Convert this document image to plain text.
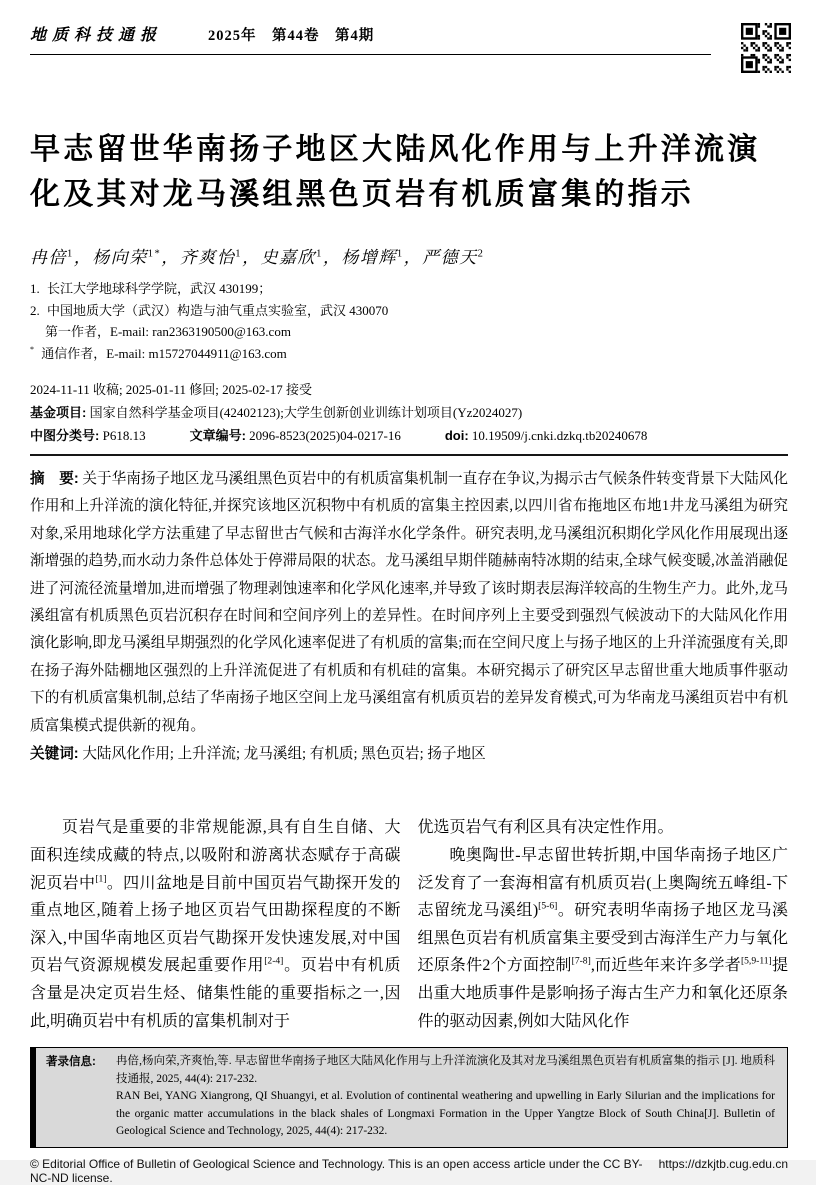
地质科技通报	2025年　第44卷　第4期
早志留世华南扬子地区大陆风化作用与上升洋流演化及其对龙马溪组黑色页岩有机质富集的指示
冉倍$^1$，杨向荣$^{1*}$，齐爽怡$^1$，史嘉欣$^1$，杨增辉$^1$，严德天$^2$
1. 长江大学地球科学学院，武汉 430199；
2. 中国地质大学（武汉）构造与油气重点实验室，武汉 430070
第一作者，E-mail: ran2363190500@163.com
* 通信作者，E-mail: m15727044911@163.com
2024-11-11 收稿; 2025-01-11 修回; 2025-02-17 接受
基金项目: 国家自然科学基金项目(42402123);大学生创新创业训练计划项目(Yz2024027)
中图分类号: P618.13	文章编号: 2096-8523(2025)04-0217-16	doi: 10.19509/j.cnki.dzkq.tb20240678

摘　要: 关于华南扬子地区龙马溪组黑色页岩中的有机质富集机制一直存在争议,为揭示古气候条件转变背景下大陆风化作用和上升洋流的演化特征,并探究该地区沉积物中有机质的富集主控因素,以四川省布拖地区布地1井龙马溪组为研究对象,采用地球化学方法重建了早志留世古气候和古海洋水化学条件。研究表明,龙马溪组沉积期化学风化作用展现出逐渐增强的趋势,而水动力条件总体处于停滞局限的状态。龙马溪组早期伴随赫南特冰期的结束,全球气候变暖,冰盖消融促进了河流径流量增加,进而增强了物理剥蚀速率和化学风化速率,并导致了该时期表层海洋较高的生物生产力。此外,龙马溪组富有机质黑色页岩沉积存在时间和空间序列上的差异性。在时间序列上主要受到强烈气候波动下的大陆风化作用演化影响,即龙马溪组早期强烈的化学风化速率促进了有机质的富集;而在空间尺度上与扬子地区的上升洋流强度有关,即在扬子海外陆棚地区强烈的上升洋流促进了有机质和有机硅的富集。本研究揭示了研究区早志留世重大地质事件驱动下的有机质富集机制,总结了华南扬子地区空间上龙马溪组富有机质页岩的差异发育模式,可为华南龙马溪组页岩中有机质富集模式提供新的视角。

关键词: 大陆风化作用; 上升洋流; 龙马溪组; 有机质; 黑色页岩; 扬子地区

页岩气是重要的非常规能源,具有自生自储、大面积连续成藏的特点,以吸附和游离状态赋存于高碳泥页岩中[1]。四川盆地是目前中国页岩气勘探开发的重点地区,随着上扬子地区页岩气田勘探程度的不断深入,中国华南地区页岩气勘探开发快速发展,对中国页岩气资源规模发展起重要作用[2-4]。页岩中有机质含量是决定页岩生烃、储集性能的重要指标之一,因此,明确页岩中有机质的富集机制对于

优选页岩气有利区具有决定性作用。

晚奥陶世-早志留世转折期,中国华南扬子地区广泛发育了一套海相富有机质页岩(上奥陶统五峰组-下志留统龙马溪组)[5-6]。研究表明华南扬子地区龙马溪组黑色页岩有机质富集主要受到古海洋生产力与氧化还原条件2个方面控制[7-8],而近些年来许多学者[5,9-11]提出重大地质事件是影响扬子海古生产力和氧化还原条件的驱动因素,例如大陆风化作

著录信息: 冉倍,杨向荣,齐爽怡,等. 早志留世华南扬子地区大陆风化作用与上升洋流演化及其对龙马溪组黑色页岩有机质富集的指示 [J]. 地质科技通报, 2025, 44(4): 217-232.

RAN Bei, YANG Xiangrong, QI Shuangyi, et al. Evolution of continental weathering and upwelling in Early Silurian and the implications for the organic matter accumulations in the black shales of Longmaxi Formation in the Upper Yangtze Block of South China[J]. Bulletin of Geological Science and Technology, 2025, 44(4): 217-232.

© Editorial Office of Bulletin of Geological Science and Technology. This is an open access article under the CC BY-NC-ND license.
https://dzkjtb.cug.edu.cn
